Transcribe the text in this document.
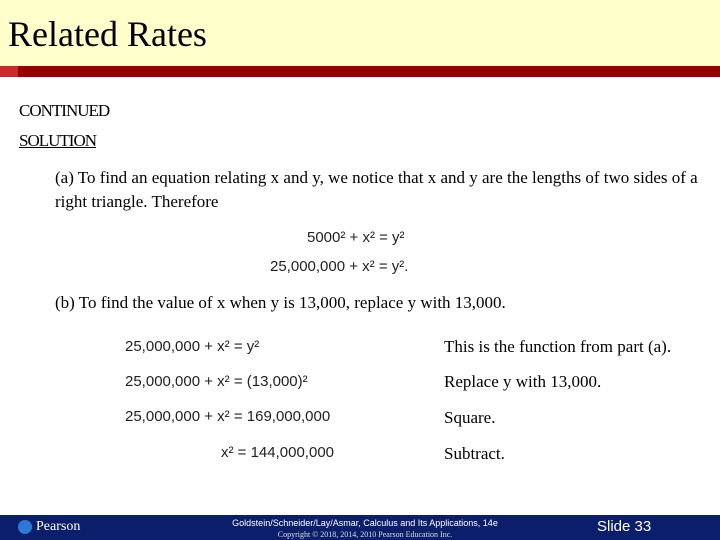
Related Rates
CONTINUED
SOLUTION
(a) To find an equation relating x and y, we notice that x and y are the lengths of two sides of a right triangle. Therefore
5000² + x² = y²
25,000,000 + x² = y².
(b) To find the value of x when y is 13,000, replace y with 13,000.
25,000,000 + x² = y²	This is the function from part (a).
25,000,000 + x² = (13,000)²	Replace y with 13,000.
25,000,000 + x² = 169,000,000	Square.
x² = 144,000,000	Subtract.
Pearson	Goldstein/Schneider/Lay/Asmar, Calculus and Its Applications, 14e
Copyright © 2018, 2014, 2010 Pearson Education Inc.	Slide 33
